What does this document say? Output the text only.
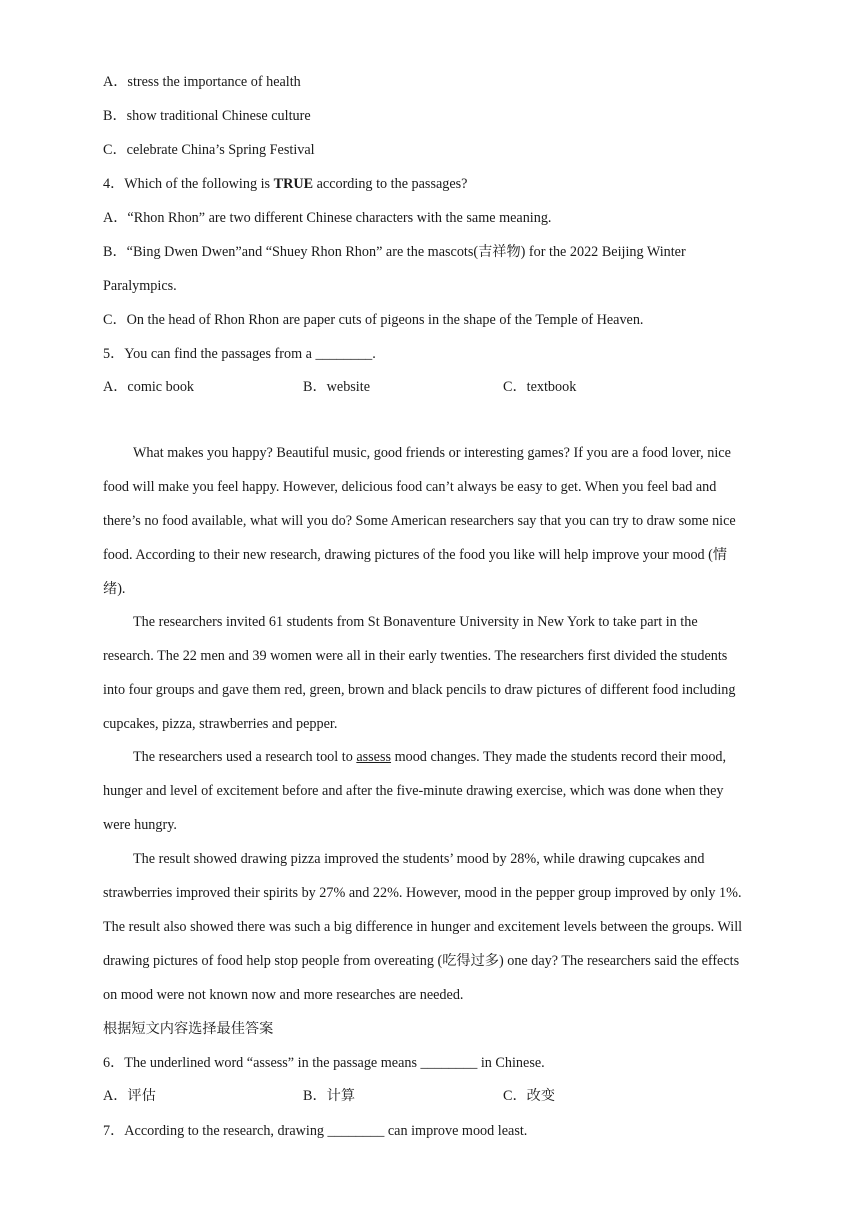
A．stress the importance of health
B．show traditional Chinese culture
C．celebrate China’s Spring Festival
4．Which of the following is TRUE according to the passages?
A．“Rhon Rhon” are two different Chinese characters with the same meaning.
B．“Bing Dwen Dwen”and “Shuey Rhon Rhon” are the mascots(吉祥物) for the 2022 Beijing Winter
Paralympics.
C．On the head of Rhon Rhon are paper cuts of pigeons in the shape of the Temple of Heaven.
5．You can find the passages from a ________.
A．comic book	B．website	C．textbook
What makes you happy? Beautiful music, good friends or interesting games? If you are a food lover, nice food will make you feel happy. However, delicious food can’t always be easy to get. When you feel bad and there’s no food available, what will you do? Some American researchers say that you can try to draw some nice food. According to their new research, drawing pictures of the food you like will help improve your mood (情绪).
The researchers invited 61 students from St Bonaventure University in New York to take part in the research. The 22 men and 39 women were all in their early twenties. The researchers first divided the students into four groups and gave them red, green, brown and black pencils to draw pictures of different food including cupcakes, pizza, strawberries and pepper.
The researchers used a research tool to assess mood changes. They made the students record their mood, hunger and level of excitement before and after the five-minute drawing exercise, which was done when they were hungry.
The result showed drawing pizza improved the students’ mood by 28%, while drawing cupcakes and strawberries improved their spirits by 27% and 22%. However, mood in the pepper group improved by only 1%. The result also showed there was such a big difference in hunger and excitement levels between the groups. Will drawing pictures of food help stop people from overeating (吃得过多) one day? The researchers said the effects on mood were not known now and more researches are needed.
根据短文内容选择最佳答案
6．The underlined word “assess” in the passage means ________ in Chinese.
A．评估	B．计算	C．改变
7．According to the research, drawing ________ can improve mood least.
